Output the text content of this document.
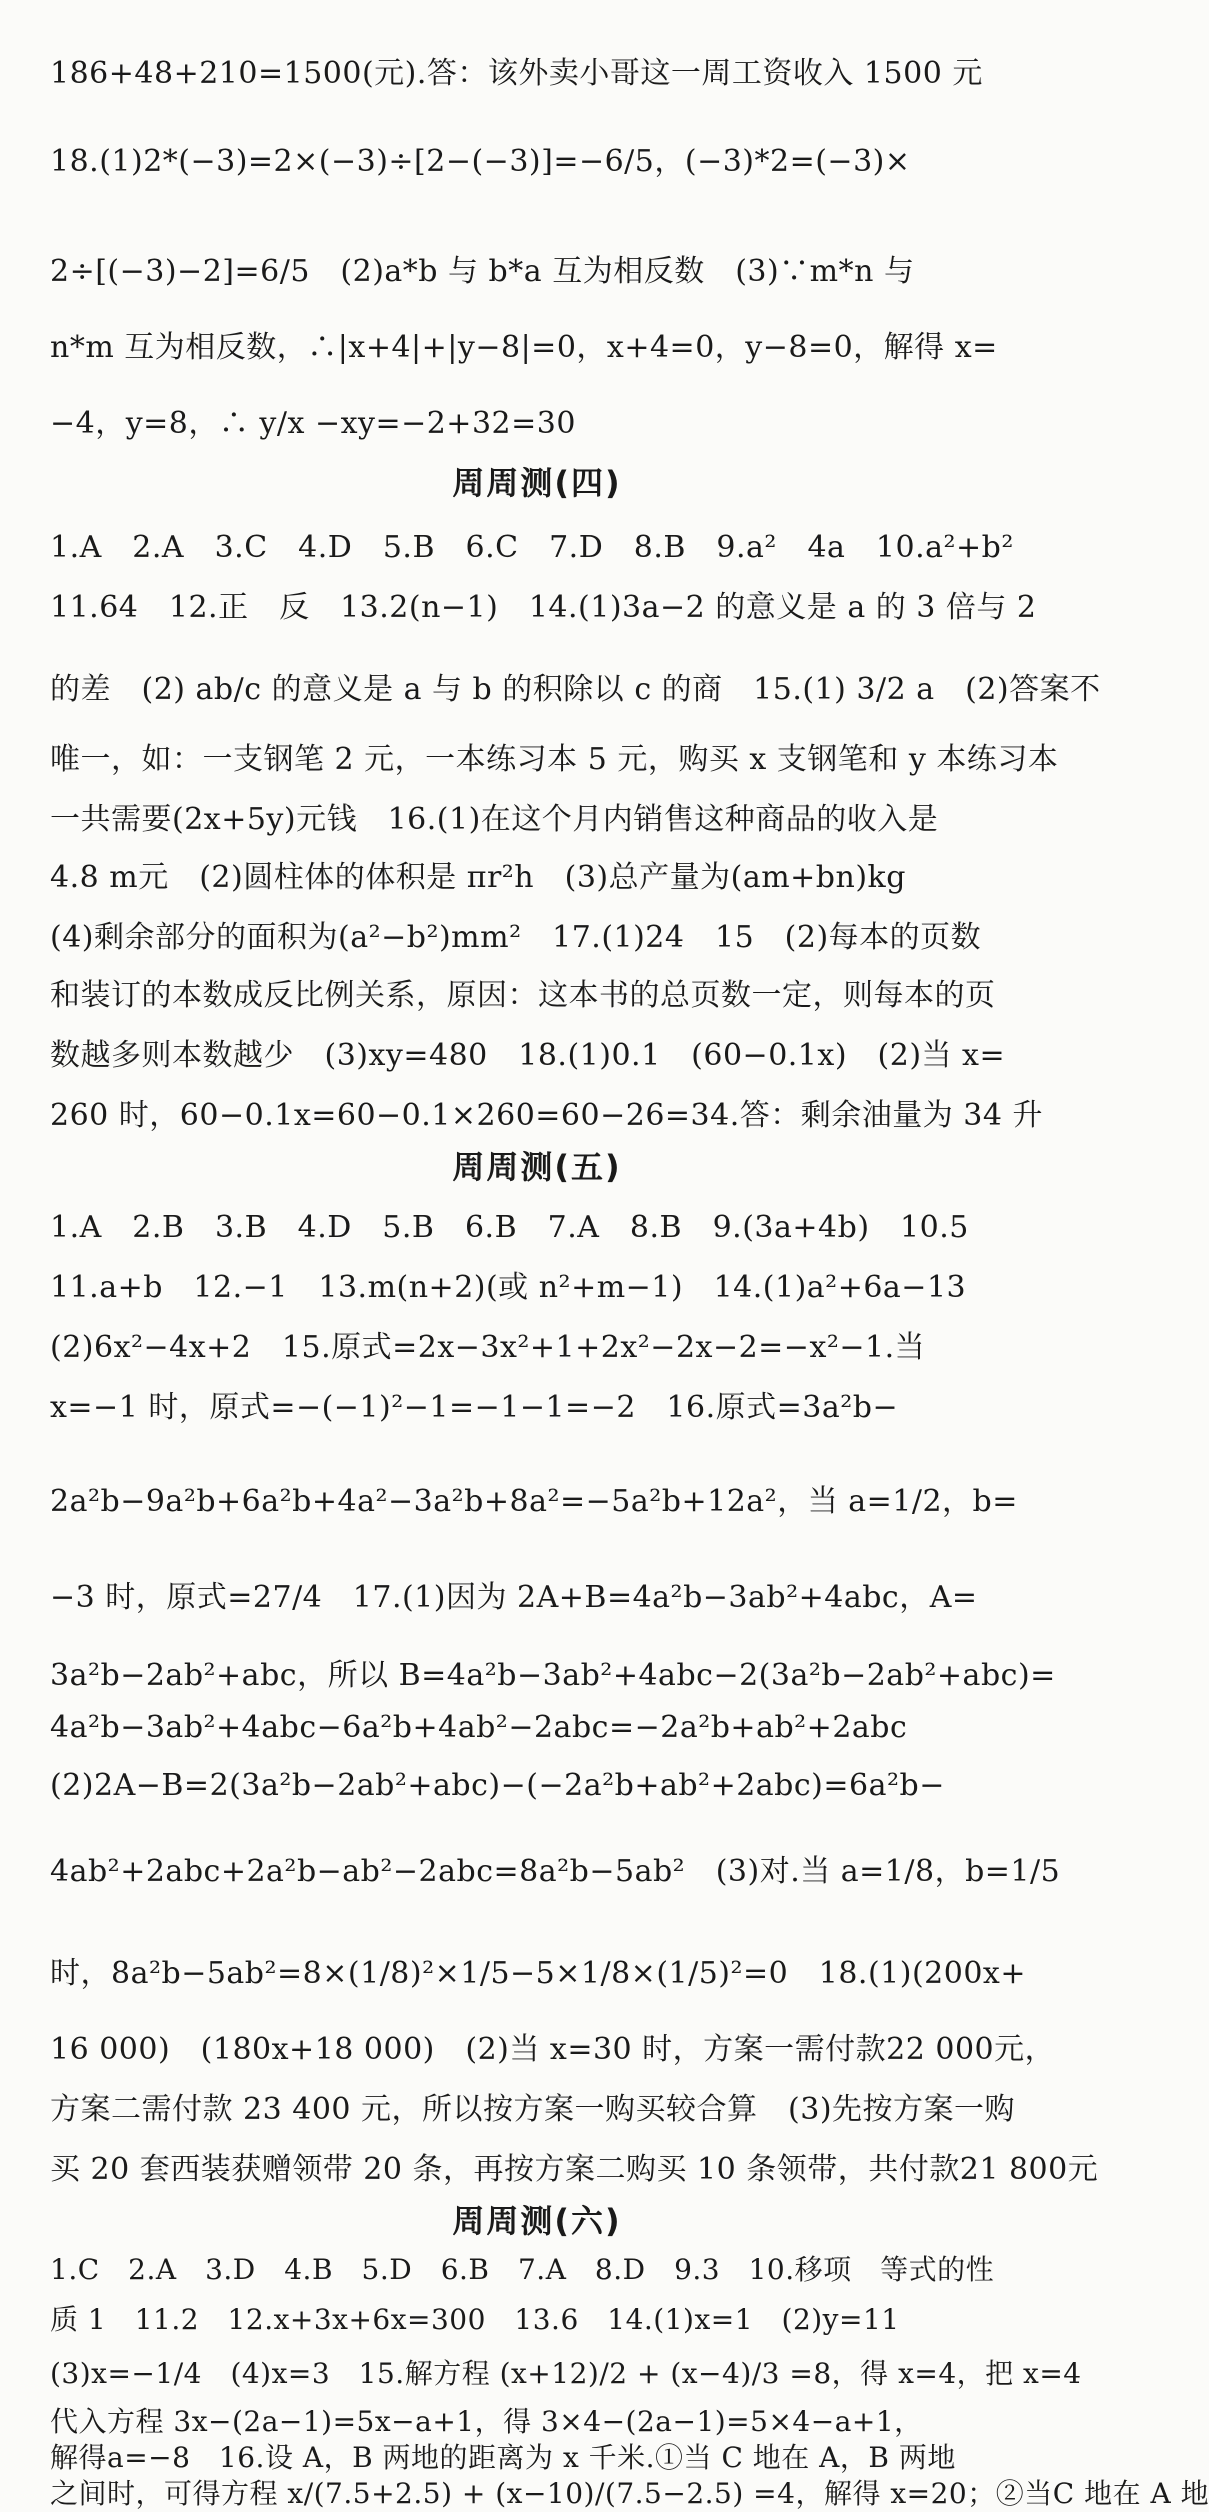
186+48+210=1500(元).答：该外卖小哥这一周工资收入 1500 元
18.(1)2*(−3)=2×(−3)÷[2−(−3)]=−6/5，(−3)*2=(−3)×
2÷[(−3)−2]=6/5　(2)a*b 与 b*a 互为相反数　(3)∵m*n 与
n*m 互为相反数，∴|x+4|+|y−8|=0，x+4=0，y−8=0，解得 x=
−4，y=8，∴ y/x −xy=−2+32=30
周周测(四)
1.A　2.A　3.C　4.D　5.B　6.C　7.D　8.B　9.a²　4a　10.a²+b²
11.64　12.正　反　13.2(n−1)　14.(1)3a−2 的意义是 a 的 3 倍与 2
的差　(2) ab/c 的意义是 a 与 b 的积除以 c 的商　15.(1) 3/2 a　(2)答案不
唯一，如：一支钢笔 2 元，一本练习本 5 元，购买 x 支钢笔和 y 本练习本
一共需要(2x+5y)元钱　16.(1)在这个月内销售这种商品的收入是
4.8 m元　(2)圆柱体的体积是 πr²h　(3)总产量为(am+bn)kg
(4)剩余部分的面积为(a²−b²)mm²　17.(1)24　15　(2)每本的页数
和装订的本数成反比例关系，原因：这本书的总页数一定，则每本的页
数越多则本数越少　(3)xy=480　18.(1)0.1　(60−0.1x)　(2)当 x=
260 时，60−0.1x=60−0.1×260=60−26=34.答：剩余油量为 34 升
周周测(五)
1.A　2.B　3.B　4.D　5.B　6.B　7.A　8.B　9.(3a+4b)　10.5
11.a+b　12.−1　13.m(n+2)(或 n²+m−1)　14.(1)a²+6a−13
(2)6x²−4x+2　15.原式=2x−3x²+1+2x²−2x−2=−x²−1.当
x=−1 时，原式=−(−1)²−1=−1−1=−2　16.原式=3a²b−
2a²b−9a²b+6a²b+4a²−3a²b+8a²=−5a²b+12a²，当 a=1/2，b=
−3 时，原式=27/4　17.(1)因为 2A+B=4a²b−3ab²+4abc，A=
3a²b−2ab²+abc，所以 B=4a²b−3ab²+4abc−2(3a²b−2ab²+abc)=
4a²b−3ab²+4abc−6a²b+4ab²−2abc=−2a²b+ab²+2abc
(2)2A−B=2(3a²b−2ab²+abc)−(−2a²b+ab²+2abc)=6a²b−
4ab²+2abc+2a²b−ab²−2abc=8a²b−5ab²　(3)对.当 a=1/8，b=1/5
时，8a²b−5ab²=8×(1/8)²×1/5−5×1/8×(1/5)²=0　18.(1)(200x+
16 000)　(180x+18 000)　(2)当 x=30 时，方案一需付款22 000元，
方案二需付款 23 400 元，所以按方案一购买较合算　(3)先按方案一购
买 20 套西装获赠领带 20 条，再按方案二购买 10 条领带，共付款21 800元
周周测(六)
1.C　2.A　3.D　4.B　5.D　6.B　7.A　8.D　9.3　10.移项　等式的性
质 1　11.2　12.x+3x+6x=300　13.6　14.(1)x=1　(2)y=11
(3)x=−1/4　(4)x=3　15.解方程 (x+12)/2 + (x−4)/3 =8，得 x=4，把 x=4
代入方程 3x−(2a−1)=5x−a+1，得 3×4−(2a−1)=5×4−a+1，
解得a=−8　16.设 A，B 两地的距离为 x 千米.①当 C 地在 A，B 两地
之间时，可得方程 x/(7.5+2.5) + (x−10)/(7.5−2.5) =4，解得 x=20；②当C 地在 A 地
